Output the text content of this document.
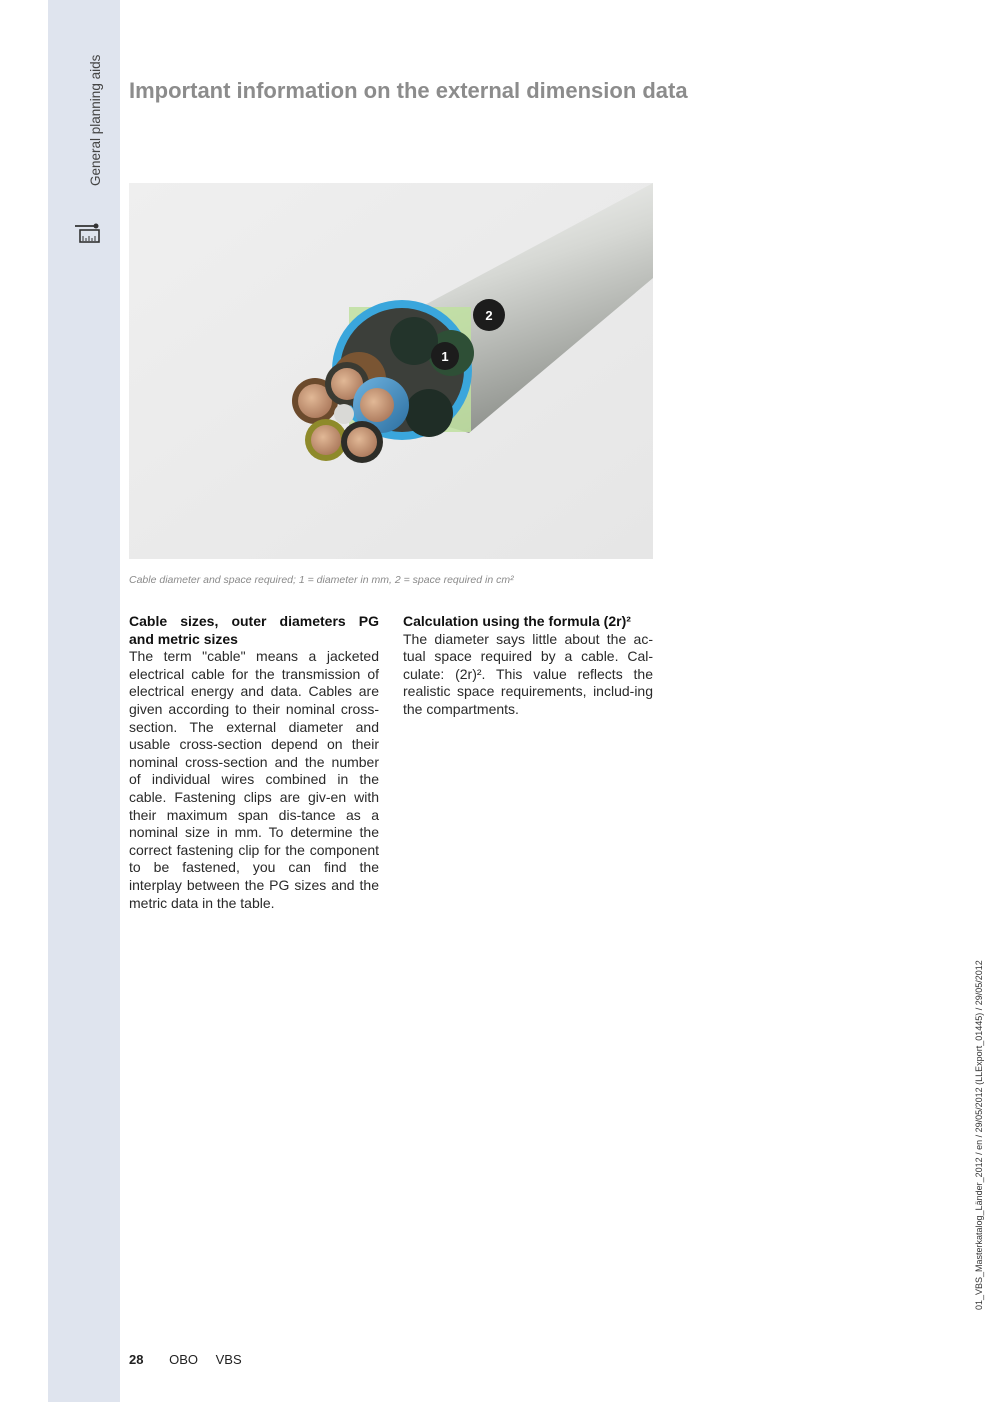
General planning aids Important information on the external dimension data
1
2
Cable diameter and space required; 1 = diameter in mm, 2 = space required in cm²
Cable sizes, outer diameters PG
and metric sizes

The term "cable" means a jacketed electrical cable for the transmission of electrical energy and data. Cables are given according to their nominal cross-section. The external diameter and usable cross-section depend on their nominal cross-section and the number of individual wires combined in the cable. Fastening clips are giv-en with their maximum span dis-tance as a nominal size in mm. To determine the correct fastening clip for the component to be fastened, you can find the interplay between the PG sizes and the metric data in the table.

Calculation using the formula (2r)²

The diameter says little about the ac-tual space required by a cable. Cal-culate: (2r)². This value reflects the realistic space requirements, includ-ing the compartments.

28 OBO VBS
01_VBS_Masterkatalog_Länder_2012 / en / 29/05/2012 (LLExport_01445) / 29/05/2012
